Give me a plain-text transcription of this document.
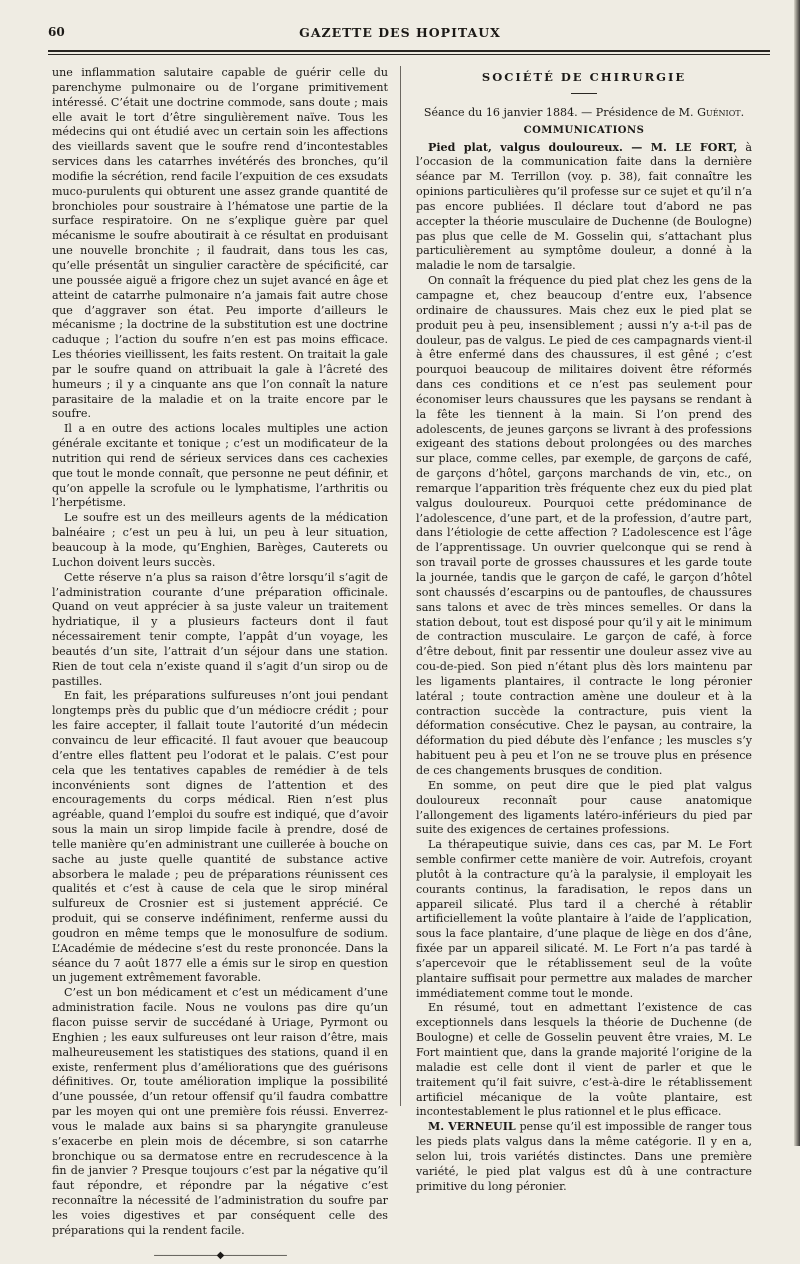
60	GAZETTE DES HOPITAUX

une inflammation salutaire capable de guérir celle du parenchyme pulmonaire ou de l’organe primitivement intéressé. C’était une doctrine commode, sans doute ; mais elle avait le tort d’être singulièrement naïve. Tous les médecins qui ont étudié avec un certain soin les affections des vieillards savent que le soufre rend d’incontestables services dans les catarrhes invétérés des bronches, qu’il modifie la sécrétion, rend facile l’expuition de ces exsudats muco-purulents qui obturent une assez grande quantité de bronchioles pour soustraire à l’hématose une partie de la surface respiratoire. On ne s’explique guère par quel mécanisme le soufre aboutirait à ce résultat en produisant une nouvelle bronchite ; il faudrait, dans tous les cas, qu’elle présentât un singulier caractère de spécificité, car une poussée aiguë a frigore chez un sujet avancé en âge et atteint de catarrhe pulmonaire n’a jamais fait autre chose que d’aggraver son état. Peu importe d’ailleurs le mécanisme ; la doctrine de la substitution est une doctrine caduque ; l’action du soufre n’en est pas moins efficace. Les théories vieillissent, les faits restent. On traitait la gale par le soufre quand on attribuait la gale à l’âcreté des humeurs ; il y a cinquante ans que l’on connaît la nature parasitaire de la maladie et on la traite encore par le soufre.

Il a en outre des actions locales multiples une action générale excitante et tonique ; c’est un modificateur de la nutrition qui rend de sérieux services dans ces cachexies que tout le monde connaît, que personne ne peut définir, et qu’on appelle la scrofule ou le lymphatisme, l’arthritis ou l’herpétisme.

Le soufre est un des meilleurs agents de la médication balnéaire ; c’est un peu à lui, un peu à leur situation, beaucoup à la mode, qu’Enghien, Barèges, Cauterets ou Luchon doivent leurs succès.

Cette réserve n’a plus sa raison d’être lorsqu’il s’agit de l’administration courante d’une préparation officinale. Quand on veut apprécier à sa juste valeur un traitement hydriatique, il y a plusieurs facteurs dont il faut nécessairement tenir compte, l’appât d’un voyage, les beautés d’un site, l’attrait d’un séjour dans une station. Rien de tout cela n’existe quand il s’agit d’un sirop ou de pastilles.

En fait, les préparations sulfureuses n’ont joui pendant longtemps près du public que d’un médiocre crédit ; pour les faire accepter, il fallait toute l’autorité d’un médecin convaincu de leur efficacité. Il faut avouer que beaucoup d’entre elles flattent peu l’odorat et le palais. C’est pour cela que les tentatives capables de remédier à de tels inconvénients sont dignes de l’attention et des encouragements du corps médical. Rien n’est plus agréable, quand l’emploi du soufre est indiqué, que d’avoir sous la main un sirop limpide facile à prendre, dosé de telle manière qu’en administrant une cuillerée à bouche on sache au juste quelle quantité de substance active absorbera le malade ; peu de préparations réunissent ces qualités et c’est à cause de cela que le sirop minéral sulfureux de Crosnier est si justement apprécié. Ce produit, qui se conserve indéfiniment, renferme aussi du goudron en même temps que le monosulfure de sodium. L’Académie de médecine s’est du reste prononcée. Dans la séance du 7 août 1877 elle a émis sur le sirop en question un jugement extrêmement favorable.

C’est un bon médicament et c’est un médicament d’une administration facile. Nous ne voulons pas dire qu’un flacon puisse servir de succédané à Uriage, Pyrmont ou Enghien ; les eaux sulfureuses ont leur raison d’être, mais malheureusement les statistiques des stations, quand il en existe, renferment plus d’améliorations que des guérisons définitives. Or, toute amélioration implique la possibilité d’une poussée, d’un retour offensif qu’il faudra combattre par les moyen qui ont une première fois réussi. Enverrez-vous le malade aux bains si sa pharyngite granuleuse s’exacerbe en plein mois de décembre, si son catarrhe bronchique ou sa dermatose entre en recrudescence à la fin de janvier ? Presque toujours c’est par la négative qu’il faut répondre, et répondre par la négative c’est reconnaître la nécessité de l’administration du soufre par les voies digestives et par conséquent celle des préparations qui la rendent facile.

———————◆———————

SOCIÉTÉ DE CHIRURGIE

Séance du 16 janvier 1884. — Présidence de M. Guéniot.

COMMUNICATIONS

Pied plat, valgus douloureux. — M. LE FORT, à l’occasion de la communication faite dans la dernière séance par M. Terrillon (voy. p. 38), fait connaître les opinions particulières qu’il professe sur ce sujet et qu’il n’a pas encore publiées. Il déclare tout d’abord ne pas accepter la théorie musculaire de Duchenne (de Boulogne) pas plus que celle de M. Gosselin qui, s’attachant plus particulièrement au symptôme douleur, a donné à la maladie le nom de tarsalgie.

On connaît la fréquence du pied plat chez les gens de la campagne et, chez beaucoup d’entre eux, l’absence ordinaire de chaussures. Mais chez eux le pied plat se produit peu à peu, insensiblement ; aussi n’y a-t-il pas de douleur, pas de valgus. Le pied de ces campagnards vient-il à être enfermé dans des chaussures, il est gêné ; c’est pourquoi beaucoup de militaires doivent être réformés dans ces conditions et ce n’est pas seulement pour économiser leurs chaussures que les paysans se rendant à la fête les tiennent à la main. Si l’on prend des adolescents, de jeunes garçons se livrant à des professions exigeant des stations debout prolongées ou des marches sur place, comme celles, par exemple, de garçons de café, de garçons d’hôtel, garçons marchands de vin, etc., on remarque l’apparition très fréquente chez eux du pied plat valgus douloureux. Pourquoi cette prédominance de l’adolescence, d’une part, et de la profession, d’autre part, dans l’étiologie de cette affection ? L’adolescence est l’âge de l’apprentissage. Un ouvrier quelconque qui se rend à son travail porte de grosses chaussures et les garde toute la journée, tandis que le garçon de café, le garçon d’hôtel sont chaussés d’escarpins ou de pantoufles, de chaussures sans talons et avec de très minces semelles. Or dans la station debout, tout est disposé pour qu’il y ait le minimum de contraction musculaire. Le garçon de café, à force d’être debout, finit par ressentir une douleur assez vive au cou-de-pied. Son pied n’étant plus dès lors maintenu par les ligaments plantaires, il contracte le long péronier latéral ; toute contraction amène une douleur et à la contraction succède la contracture, puis vient la déformation consécutive. Chez le paysan, au contraire, la déformation du pied débute dès l’enfance ; les muscles s’y habituent peu à peu et l’on ne se trouve plus en présence de ces changements brusques de condition.

En somme, on peut dire que le pied plat valgus douloureux reconnaît pour cause anatomique l’allongement des ligaments latéro-inférieurs du pied par suite des exigences de certaines professions.

La thérapeutique suivie, dans ces cas, par M. Le Fort semble confirmer cette manière de voir. Autrefois, croyant plutôt à la contracture qu’à la paralysie, il employait les courants continus, la faradisation, le repos dans un appareil silicaté. Plus tard il a cherché à rétablir artificiellement la voûte plantaire à l’aide de l’application, sous la face plantaire, d’une plaque de liège en dos d’âne, fixée par un appareil silicaté. M. Le Fort n’a pas tardé à s’apercevoir que le rétablissement seul de la voûte plantaire suffisait pour permettre aux malades de marcher immédiatement comme tout le monde.

En résumé, tout en admettant l’existence de cas exceptionnels dans lesquels la théorie de Duchenne (de Boulogne) et celle de Gosselin peuvent être vraies, M. Le Fort maintient que, dans la grande majorité l’origine de la maladie est celle dont il vient de parler et que le traitement qu’il fait suivre, c’est-à-dire le rétablissement artificiel mécanique de la voûte plantaire, est incontestablement le plus rationnel et le plus efficace.

M. VERNEUIL pense qu’il est impossible de ranger tous les pieds plats valgus dans la même catégorie. Il y en a, selon lui, trois variétés distinctes. Dans une première variété, le pied plat valgus est dû à une contracture primitive du long péronier.
